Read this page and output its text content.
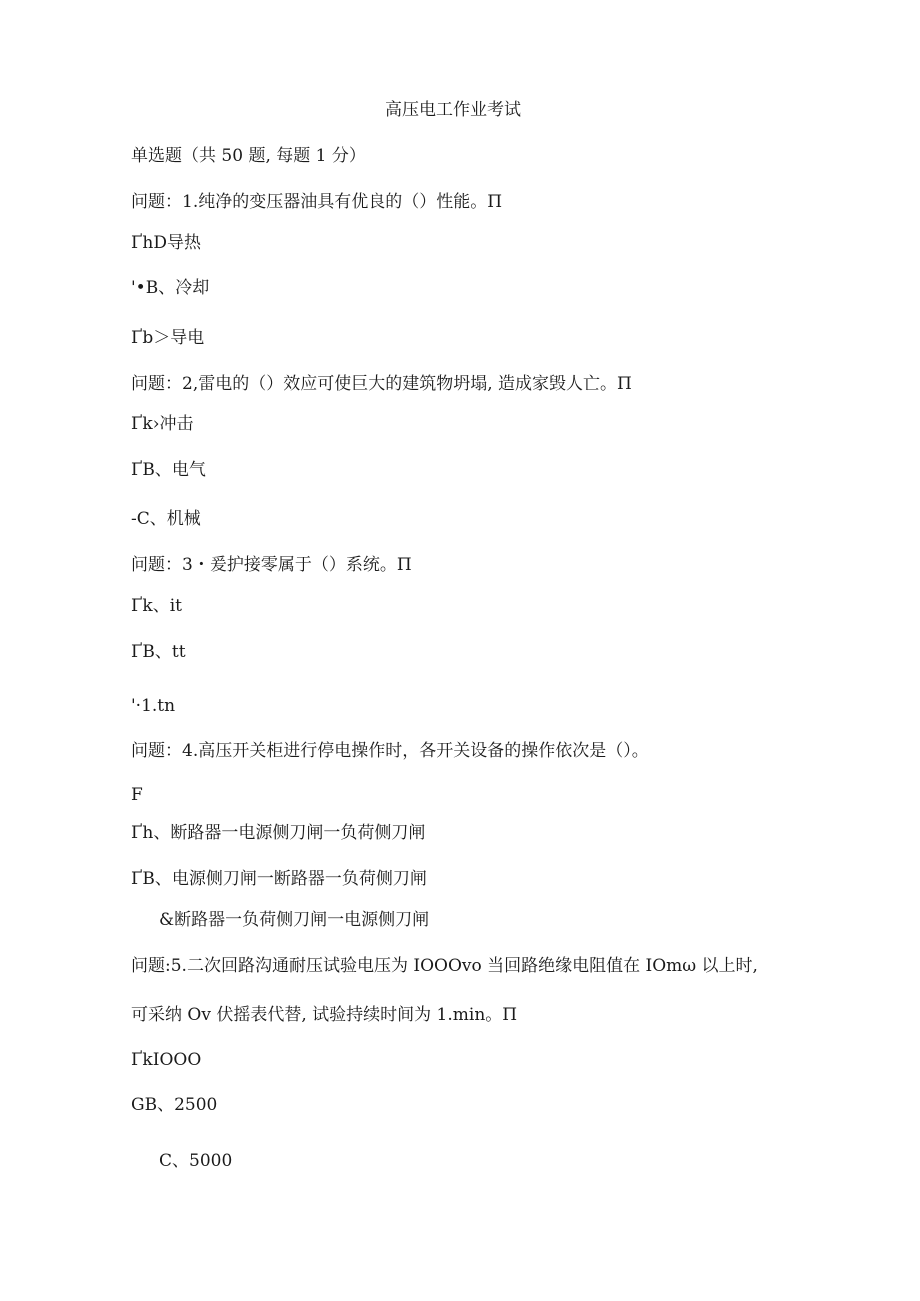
高压电工作业考试
单选题（共 50 题, 每题 1 分）
问题：1.纯净的变压器油具有优良的（）性能。Π
ҐhD导热
'•B、冷却
Ґb＞导电
问题：2,雷电的（）效应可使巨大的建筑物坍塌, 造成家毁人亡。Π
Ґk›冲击
ҐB、电气
-C、机械
问题：3・爰护接零属于（）系统。Π
Ґk、it
ҐB、tt
'·1.tn
问题：4.高压开关柜进行停电操作时，各开关设备的操作依次是（）。
F
Ґh、断路器一电源侧刀闸一负荷侧刀闸
ҐB、电源侧刀闸一断路器一负荷侧刀闸
&断路器一负荷侧刀闸一电源侧刀闸
问题:5.二次回路沟通耐压试验电压为 IOOOvo 当回路绝缘电阻值在 IOmω 以上时,
可采纳 Ov 伏摇表代替, 试验持续时间为 1.min。Π
ҐkIOOO
GB、2500
C、5000
